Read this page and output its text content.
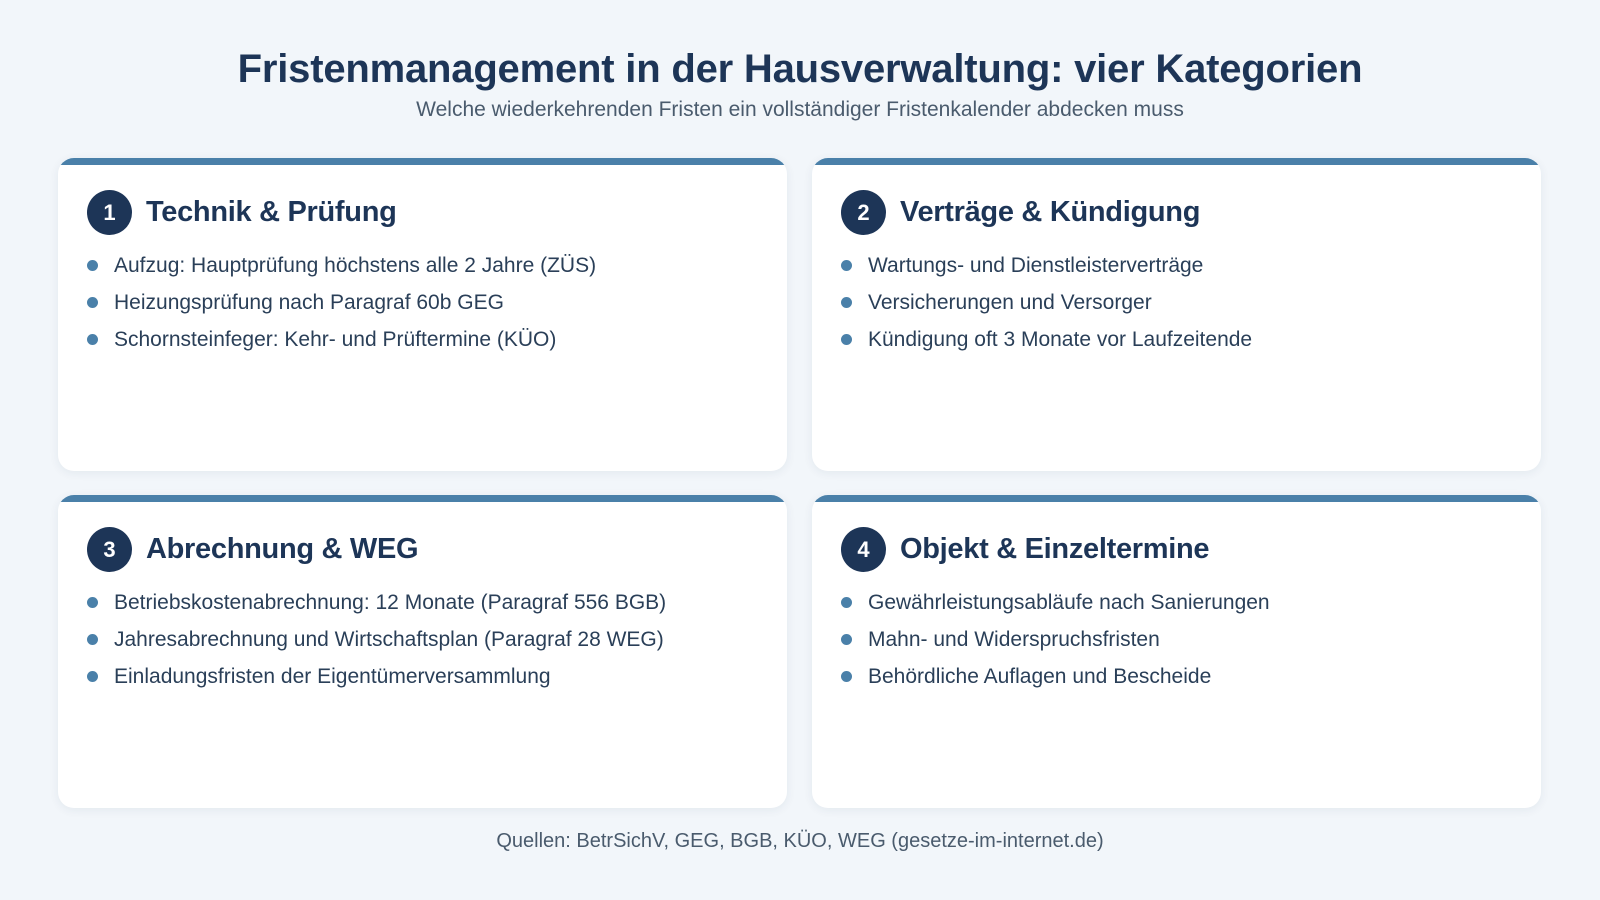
Fristenmanagement in der Hausverwaltung: vier Kategorien

Welche wiederkehrenden Fristen ein vollständiger Fristenkalender abdecken muss

1	Technik & Prüfung
Aufzug: Hauptprüfung höchstens alle 2 Jahre (ZÜS)
Heizungsprüfung nach Paragraf 60b GEG
Schornsteinfeger: Kehr- und Prüftermine (KÜO)
2	Verträge & Kündigung
Wartungs- und Dienstleisterverträge
Versicherungen und Versorger
Kündigung oft 3 Monate vor Laufzeitende
3	Abrechnung & WEG
Betriebskostenabrechnung: 12 Monate (Paragraf 556 BGB)
Jahresabrechnung und Wirtschaftsplan (Paragraf 28 WEG)
Einladungsfristen der Eigentümerversammlung
4	Objekt & Einzeltermine
Gewährleistungsabläufe nach Sanierungen
Mahn- und Widerspruchsfristen
Behördliche Auflagen und Bescheide
Quellen: BetrSichV, GEG, BGB, KÜO, WEG (gesetze-im-internet.de)
